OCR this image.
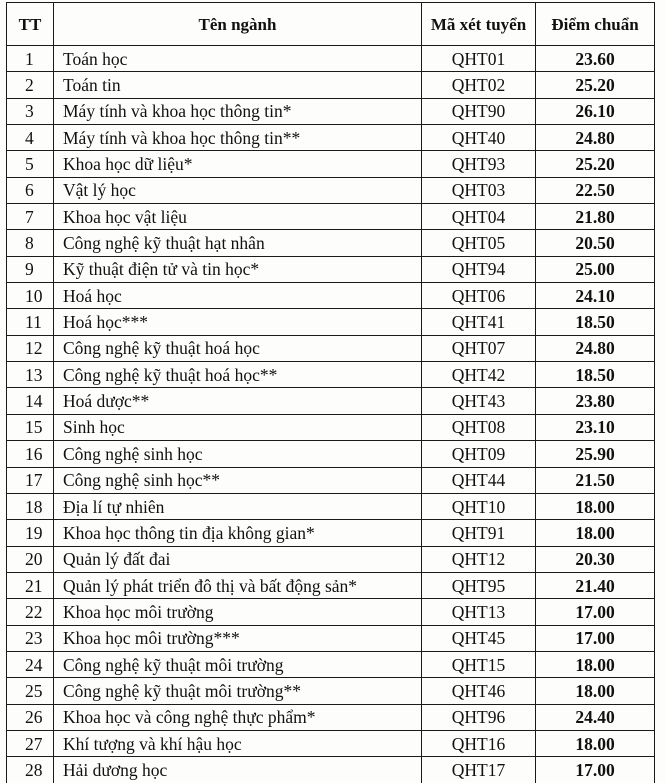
TT	Tên ngành	Mã xét tuyển	Điểm chuẩn
1	Toán học	QHT01	23.60
2	Toán tin	QHT02	25.20
3	Máy tính và khoa học thông tin*	QHT90	26.10
4	Máy tính và khoa học thông tin**	QHT40	24.80
5	Khoa học dữ liệu*	QHT93	25.20
6	Vật lý học	QHT03	22.50
7	Khoa học vật liệu	QHT04	21.80
8	Công nghệ kỹ thuật hạt nhân	QHT05	20.50
9	Kỹ thuật điện tử và tin học*	QHT94	25.00
10	Hoá học	QHT06	24.10
11	Hoá học***	QHT41	18.50
12	Công nghệ kỹ thuật hoá học	QHT07	24.80
13	Công nghệ kỹ thuật hoá học**	QHT42	18.50
14	Hoá dược**	QHT43	23.80
15	Sinh học	QHT08	23.10
16	Công nghệ sinh học	QHT09	25.90
17	Công nghệ sinh học**	QHT44	21.50
18	Địa lí tự nhiên	QHT10	18.00
19	Khoa học thông tin địa không gian*	QHT91	18.00
20	Quản lý đất đai	QHT12	20.30
21	Quản lý phát triển đô thị và bất động sản*	QHT95	21.40
22	Khoa học môi trường	QHT13	17.00
23	Khoa học môi trường***	QHT45	17.00
24	Công nghệ kỹ thuật môi trường	QHT15	18.00
25	Công nghệ kỹ thuật môi trường**	QHT46	18.00
26	Khoa học và công nghệ thực phẩm*	QHT96	24.40
27	Khí tượng và khí hậu học	QHT16	18.00
28	Hải dương học	QHT17	17.00
